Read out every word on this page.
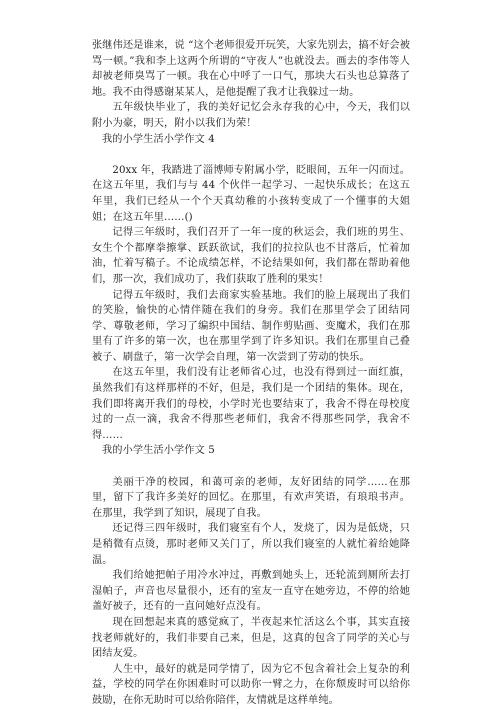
张继伟还是谁来，说 “这个老师很爱开玩笑，大家先别去，搞不好会被骂一顿。”我和李上这两个所谓的“守夜人”也就没去。画去的李伟等人却被老师臭骂了一顿。我在心中呼了一口气，那块大石头也总算落了地。我不由得感谢某某人，是他提醒了我才让我躲过一劫。

五年级快毕业了，我的美好记忆会永存我的心中，今天，我们以附小为豪，明天，附小以我们为荣！

我的小学生活小学作文 4

20xx 年，我踏进了淄博师专附属小学，眨眼间，五年一闪而过。在这五年里，我们与与 44 个伙伴一起学习、一起快乐成长；在这五年里，我们已经从一个个天真幼稚的小孩转变成了一个懂事的大姐姐；在这五年里……()

记得三年级时，我们召开了一年一度的秋运会，我们班的男生、女生个个都摩拳擦掌、跃跃欲试，我们的拉拉队也不甘落后，忙着加油，忙着写稿子。不论成绩怎样，不论结果如何，我们都在帮助着他们，那一次，我们成功了，我们获取了胜利的果实！

记得五年级时，我们去商家实验基地。我们的脸上展现出了我们的笑脸，愉快的心情伴随在我们的身旁。我们在那里学会了团结同学、尊敬老师，学习了编织中国结、制作剪贴画、变魔术，我们在那里有了许多的第一次，也在那里学到了许多知识。我们在那里自己叠被子、刷盘子，第一次学会自理，第一次尝到了劳动的快乐。

在这五年里，我们没有让老师省心过，也没有得到过一面红旗，虽然我们有这样那样的不好，但是，我们是一个团结的集体。现在，我们即将离开我们的母校，小学时光也要结束了，我舍不得在母校度过的一点一滴，我舍不得那些老师们，我舍不得那些同学，我舍不得……

我的小学生活小学作文 5

美丽干净的校园，和蔼可亲的老师，友好团结的同学……在那里，留下了我许多美好的回忆。在那里，有欢声笑语，有琅琅书声。在那里，我学到了知识，展现了自我。

还记得三四年级时，我们寝室有个人，发烧了，因为是低烧，只是稍微有点烫，那时老师又关门了，所以我们寝室的人就忙着给她降温。

我们给她把帕子用冷水冲过，再敷到她头上，还轮流到厕所去打湿帕子，声音也尽量很小，还有的室友一直守在她旁边，不停的给她盖好被子，还有的一直问她好点没有。

现在回想起来真的感觉疯了，半夜起来忙活这么个事，其实直接找老师就好的，我们非要自己来，但是，这真的包含了同学的关心与团结友爱。

人生中，最好的就是同学情了，因为它不包含着社会上复杂的利益，学校的同学在你困难时可以助你一臂之力，在你颓废时可以给你鼓励，在你无助时可以给你陪伴，友情就是这样单纯。
